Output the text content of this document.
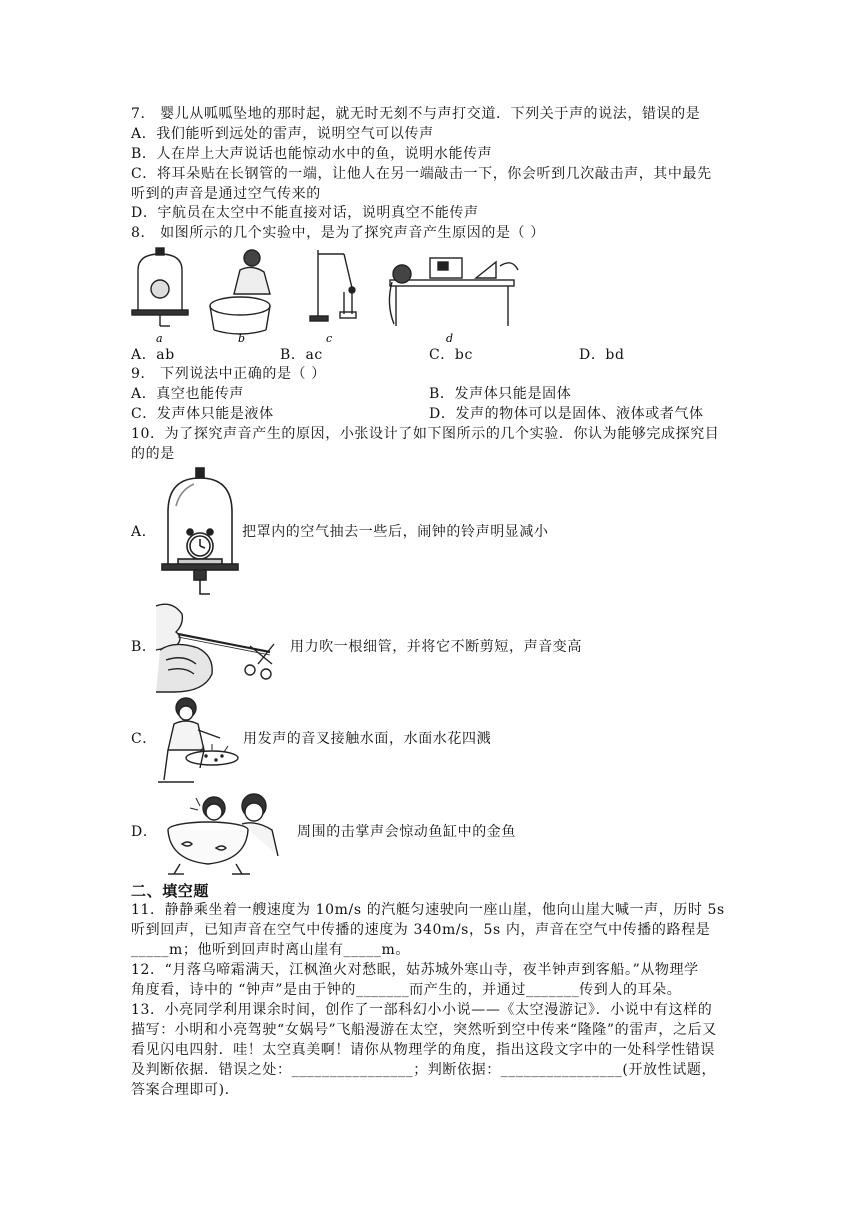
7． 婴儿从呱呱坠地的那时起，就无时无刻不与声打交道．下列关于声的说法，错误的是
A．我们能听到远处的雷声，说明空气可以传声
B．人在岸上大声说话也能惊动水中的鱼，说明水能传声
C．将耳朵贴在长钢管的一端，让他人在另一端敲击一下，你会听到几次敲击声，其中最先
听到的声音是通过空气传来的
D．宇航员在太空中不能直接对话，说明真空不能传声
8． 如图所示的几个实验中，是为了探究声音产生原因的是（ ）
a	b	c	d
A．ab	B．ac	C．bc	D．bd
9． 下列说法中正确的是（ ）
A．真空也能传声	B．发声体只能是固体
C．发声体只能是液体	D．发声的物体可以是固体、液体或者气体
10．为了探究声音产生的原因，小张设计了如下图所示的几个实验．你认为能够完成探究目
的的是
A．	把罩内的空气抽去一些后，闹钟的铃声明显减小
B．	用力吹一根细管，并将它不断剪短，声音变高
C．	用发声的音叉接触水面，水面水花四溅
D．	周围的击掌声会惊动鱼缸中的金鱼
二、填空题
11．静静乘坐着一艘速度为 10m/s 的汽艇匀速驶向一座山崖，他向山崖大喊一声，历时 5s
听到回声，已知声音在空气中传播的速度为 340m/s，5s 内，声音在空气中传播的路程是
_____m；他听到回声时离山崖有_____m。
12．“月落乌啼霜满天，江枫渔火对愁眠，姑苏城外寒山寺，夜半钟声到客船。”从物理学
角度看，诗中的 “钟声”是由于钟的_______而产生的，并通过_______传到人的耳朵。
13．小亮同学利用课余时间，创作了一部科幻小小说——《太空漫游记》．小说中有这样的
描写：小明和小亮驾驶“女娲号”飞船漫游在太空，突然听到空中传来“隆隆”的雷声，之后又
看见闪电四射．哇！太空真美啊！请你从物理学的角度，指出这段文字中的一处科学性错误
及判断依据．错误之处：________________；判断依据：________________(开放性试题，
答案合理即可).
